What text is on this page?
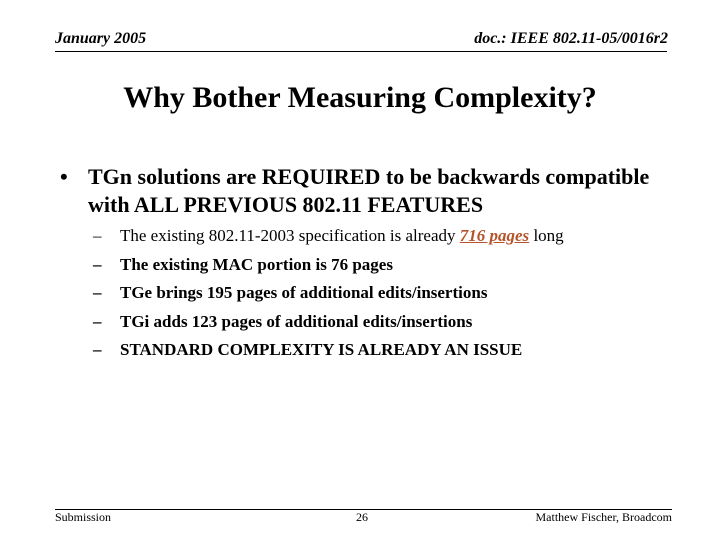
January 2005	doc.: IEEE 802.11-05/0016r2
Why Bother Measuring Complexity?
• TGn solutions are REQUIRED to be backwards compatible with ALL PREVIOUS 802.11 FEATURES
– The existing 802.11-2003 specification is already 716 pages long
– The existing MAC portion is 76 pages
– TGe brings 195 pages of additional edits/insertions
– TGi adds 123 pages of additional edits/insertions
– STANDARD COMPLEXITY IS ALREADY AN ISSUE
Submission	26	Matthew Fischer, Broadcom
